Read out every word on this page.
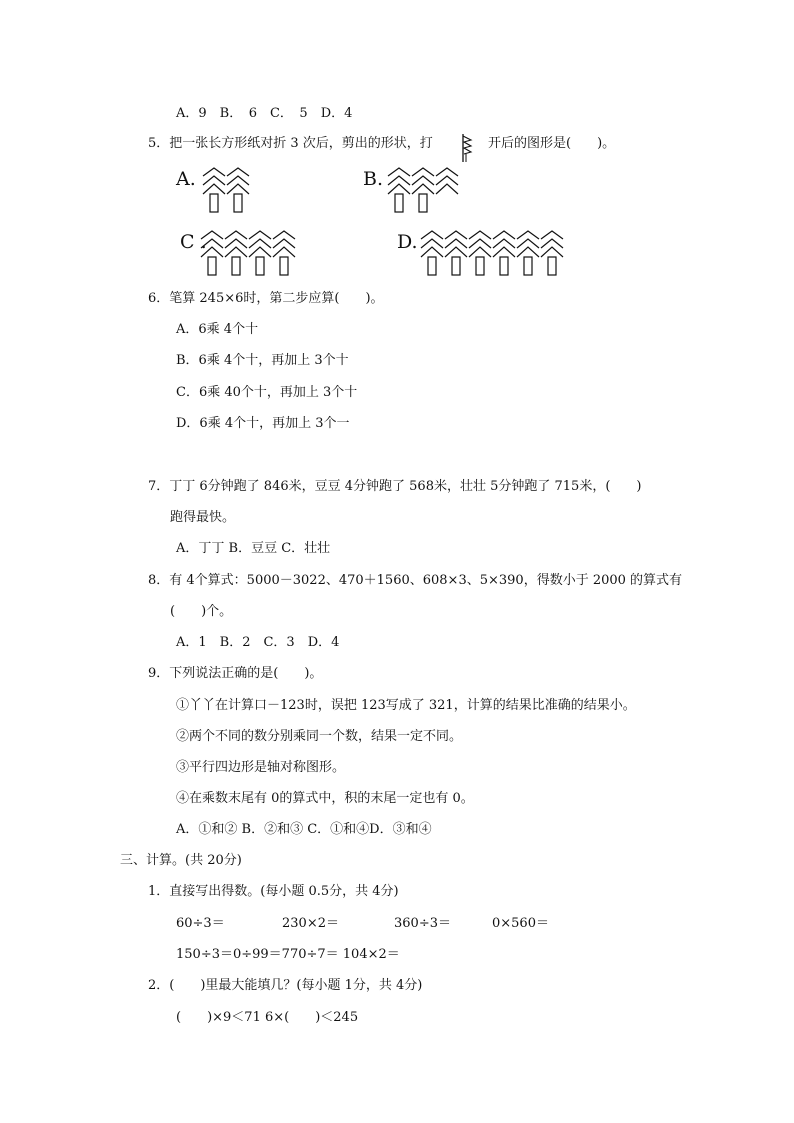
A．9　B．　6　C．　5　D．4
5．把一张长方形纸对折 3 次后，剪出的形状，打	开后的图形是(　　)。
A.	B.
C .	D.
6．笔算 245×6时，第二步应算(　　)。
A．6乘 4个十
B．6乘 4个十，再加上 3个十
C．6乘 40个十，再加上 3个十
D．6乘 4个十，再加上 3个一
7．丁丁 6分钟跑了 846米，豆豆 4分钟跑了 568米，壮壮 5分钟跑了 715米，(　　)
跑得最快。
A．丁丁 B．豆豆 C．壮壮
8．有 4个算式：5000－3022、470＋1560、608×3、5×390，得数小于 2000 的算式有
(　　)个。
A．1　B．2　C．3　D．4
9．下列说法正确的是(　　)。
①丫丫在计算口－123时，误把 123写成了 321，计算的结果比准确的结果小。
②两个不同的数分别乘同一个数，结果一定不同。
③平行四边形是轴对称图形。
④在乘数末尾有 0的算式中，积的末尾一定也有 0。
A．①和② B．②和③ C．①和④D．③和④
三、计算。(共 20分)
1．直接写出得数。(每小题 0.5分，共 4分)
60÷3＝	230×2＝	360÷3＝	0×560＝
150÷3＝0÷99＝770÷7＝ 104×2＝
2．(　　)里最大能填几？(每小题 1分，共 4分)
(　　)×9＜71 6×(　　)＜245
